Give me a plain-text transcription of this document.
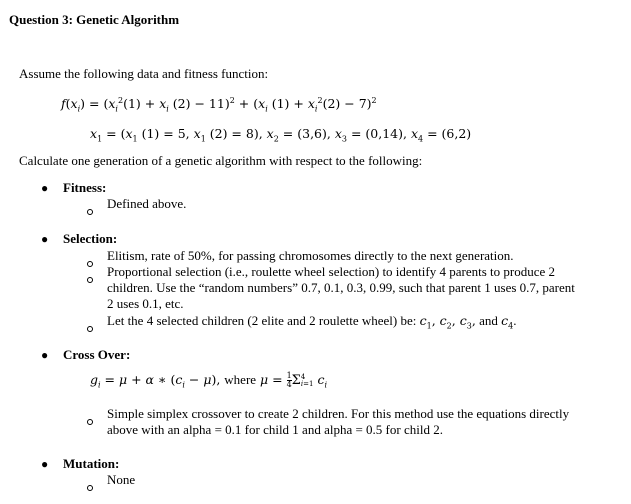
Question 3: Genetic Algorithm
Assume the following data and fitness function:
$f(x_i) = (x_i^2(1) + x_i$ $(2) - 11)^2 + (x_i$ $(1) + x_i^2(2) - 7)^2$
$x_1 = (x_1$ (1) = 5, $x_1$ (2) = 8), $x_2 = (3,6)$, $x_3 = (0,14)$, $x_4 = (6,2)$
Calculate one generation of a genetic algorithm with respect to the following:
● Fitness:
Defined above.
● Selection:
Elitism, rate of 50%, for passing chromosomes directly to the next generation.
Proportional selection (i.e., roulette wheel selection) to identify 4 parents to produce 2
children. Use the “random numbers” 0.7, 0.1, 0.3, 0.99, such that parent 1 uses 0.7, parent
2 uses 0.1, etc.
Let the 4 selected children (2 elite and 2 roulette wheel) be: $c_1$, $c_2$, $c_3$, and $c_4$.
● Cross Over:
$g_i = \mu + \alpha$ ∗ $(c_i - \mu)$, where $\mu = \frac{1}{4}$ Σ 4
i=1 $c_i$
Simple simplex crossover to create 2 children. For this method use the equations directly
above with an alpha = 0.1 for child 1 and alpha = 0.5 for child 2.
● Mutation:
None
